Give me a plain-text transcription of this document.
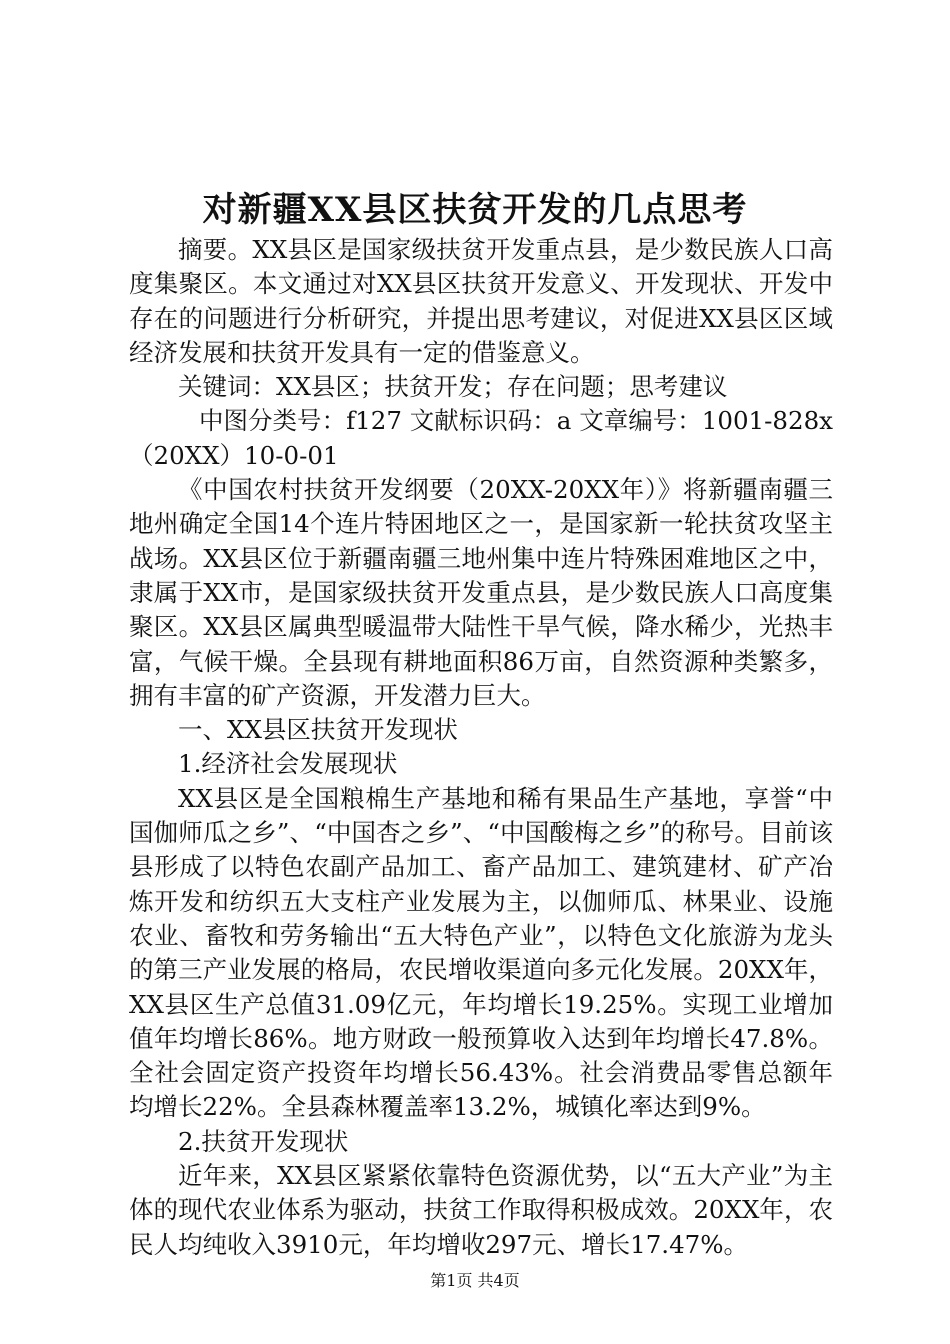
对新疆XX县区扶贫开发的几点思考

摘要。XX县区是国家级扶贫开发重点县，是少数民族人口高度集聚区。本文通过对XX县区扶贫开发意义、开发现状、开发中存在的问题进行分析研究，并提出思考建议，对促进XX县区区域经济发展和扶贫开发具有一定的借鉴意义。

关键词：XX县区；扶贫开发；存在问题；思考建议

中图分类号：f127 文献标识码：a 文章编号：1001-828x（20XX）10-0-01

《中国农村扶贫开发纲要（20XX-20XX年）》将新疆南疆三地州确定全国14个连片特困地区之一，是国家新一轮扶贫攻坚主战场。XX县区位于新疆南疆三地州集中连片特殊困难地区之中，隶属于XX市，是国家级扶贫开发重点县，是少数民族人口高度集聚区。XX县区属典型暖温带大陆性干旱气候，降水稀少，光热丰富，气候干燥。全县现有耕地面积86万亩，自然资源种类繁多，拥有丰富的矿产资源，开发潜力巨大。

一、XX县区扶贫开发现状

1.经济社会发展现状

XX县区是全国粮棉生产基地和稀有果品生产基地，享誉“中国伽师瓜之乡”、“中国杏之乡”、“中国酸梅之乡”的称号。目前该县形成了以特色农副产品加工、畜产品加工、建筑建材、矿产冶炼开发和纺织五大支柱产业发展为主，以伽师瓜、林果业、设施农业、畜牧和劳务输出“五大特色产业”，以特色文化旅游为龙头的第三产业发展的格局，农民增收渠道向多元化发展。20XX年，XX县区生产总值31.09亿元，年均增长19.25%。实现工业增加值年均增长86%。地方财政一般预算收入达到年均增长47.8%。全社会固定资产投资年均增长56.43%。社会消费品零售总额年均增长22%。全县森林覆盖率13.2%，城镇化率达到9%。

2.扶贫开发现状

近年来，XX县区紧紧依靠特色资源优势，以“五大产业”为主体的现代农业体系为驱动，扶贫工作取得积极成效。20XX年，农民人均纯收入3910元，年均增收297元、增长17.47%。

第1页 共4页
